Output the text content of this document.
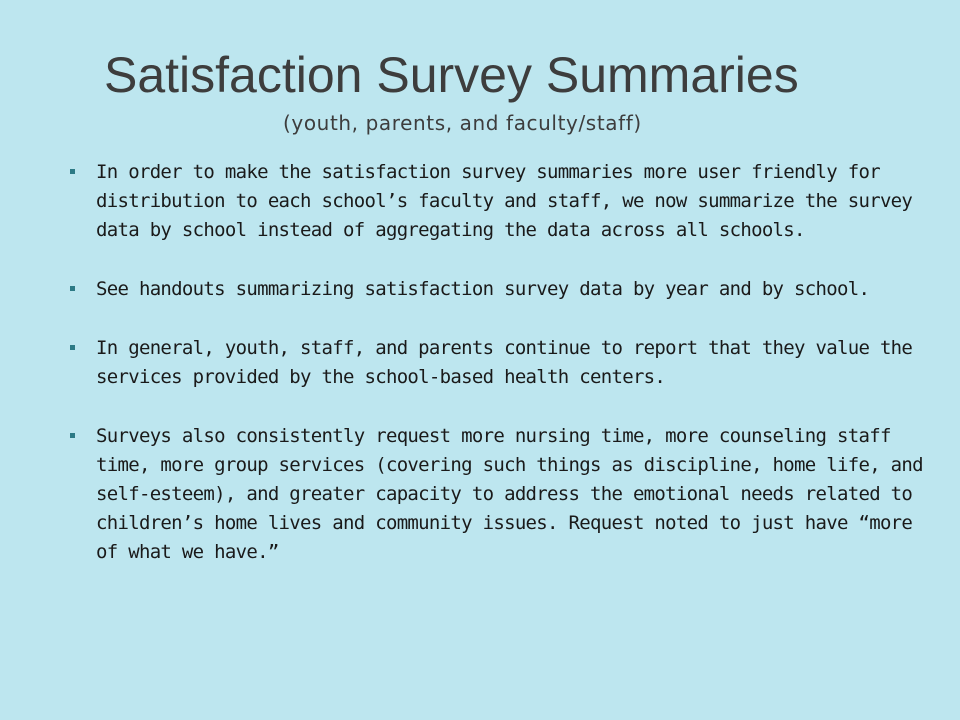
Satisfaction Survey Summaries
(youth, parents, and faculty/staff)
In order to make the satisfaction survey summaries more user friendly for distribution to each school’s faculty and staff, we now summarize the survey data by school instead of aggregating the data across all schools.
See handouts summarizing satisfaction survey data by year and by school.
In general, youth, staff, and parents continue to report that they value the services provided by the school-based health centers.
Surveys also consistently request more nursing time, more counseling staff time, more group services (covering such things as discipline, home life, and self-esteem), and greater capacity to address the emotional needs related to children’s home lives and community issues. Request noted to just have “more of what we have.”
